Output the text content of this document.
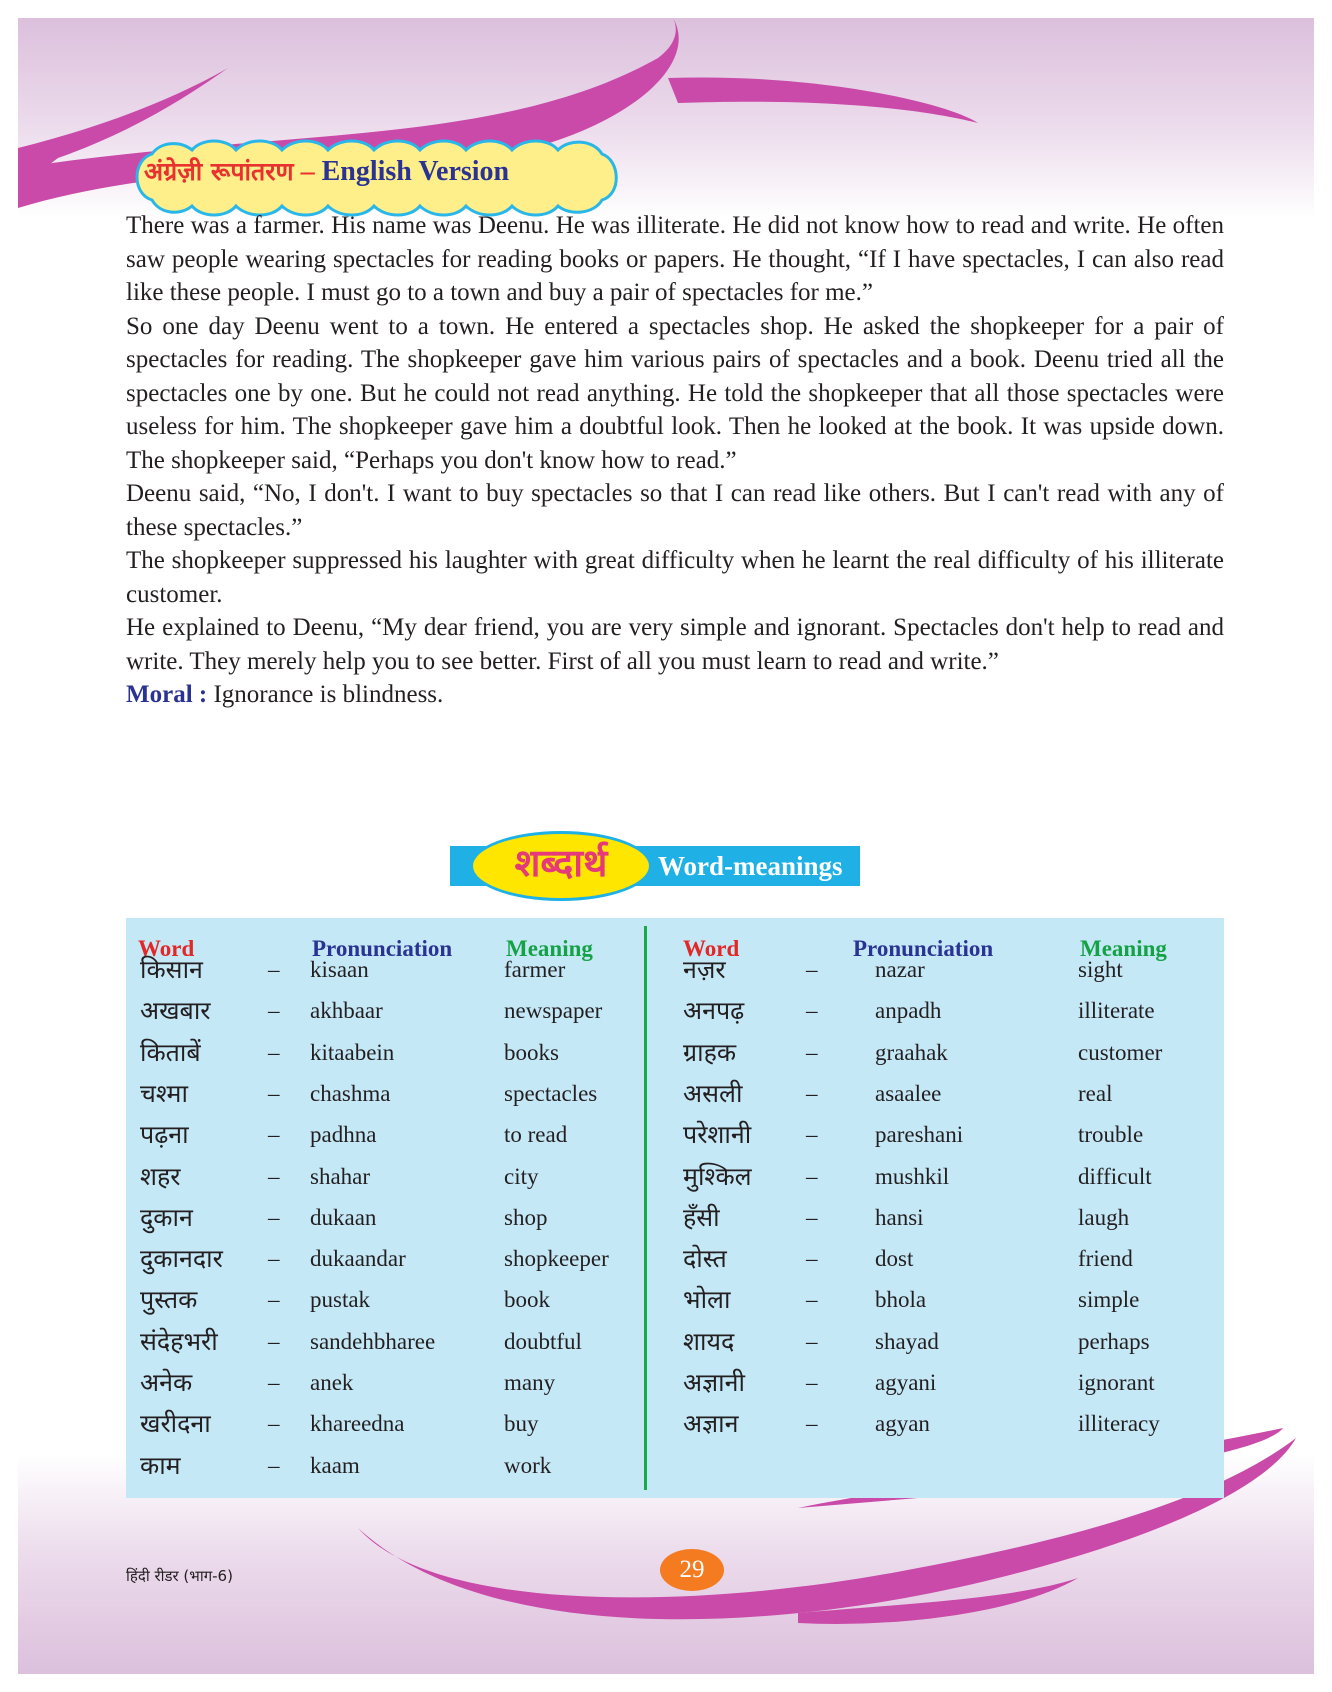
अंग्रेज़ी रूपांतरण – English Version

There was a farmer. His name was Deenu. He was illiterate. He did not know how to read and write. He often saw people wearing spectacles for reading books or papers. He thought, “If I have spectacles, I can also read like these people. I must go to a town and buy a pair of spectacles for me.”

So one day Deenu went to a town. He entered a spectacles shop. He asked the shopkeeper for a pair of spectacles for reading. The shopkeeper gave him various pairs of spectacles and a book. Deenu tried all the spectacles one by one. But he could not read anything. He told the shopkeeper that all those spectacles were useless for him. The shopkeeper gave him a doubtful look. Then he looked at the book. It was upside down. The shopkeeper said, “Perhaps you don't know how to read.”

Deenu said, “No, I don't. I want to buy spectacles so that I can read like others. But I can't read with any of these spectacles.”

The shopkeeper suppressed his laughter with great difficulty when he learnt the real difficulty of his illiterate customer.

He explained to Deenu, “My dear friend, you are very simple and ignorant. Spectacles don't help to read and write. They merely help you to see better. First of all you must learn to read and write.”

Moral : Ignorance is blindness.

शब्दार्थ	Word-meanings
Word	Pronunciation Meaning	Word	Pronunciation	Meaning
किसान	– kisaan	farmer
अखबार – akhbaar	newspaper
किताबें	– kitaabein	books
चश्मा	– chashma	spectacles
पढ़ना	– padhna	to read
शहर	– shahar	city
दुकान	– dukaan	shop
दुकानदार – dukaandar	shopkeeper
पुस्तक	– pustak	book
संदेहभरी – sandehbharee	doubtful
अनेक	– anek	many
खरीदना – khareedna	buy
काम	– kaam	work
नज़र	–	nazar	sight
अनपढ़	–	anpadh	illiterate
ग्राहक	–	graahak	customer
असली	–	asaalee	real
परेशानी –	pareshani	trouble
मुश्किल –	mushkil	difficult
हँसी	–	hansi	laugh
दोस्त	–	dost	friend
भोला	–	bhola	simple
शायद	–	shayad	perhaps
अज्ञानी	–	agyani	ignorant
अज्ञान	–	agyan	illiteracy
हिंदी रीडर (भाग-6)	29
